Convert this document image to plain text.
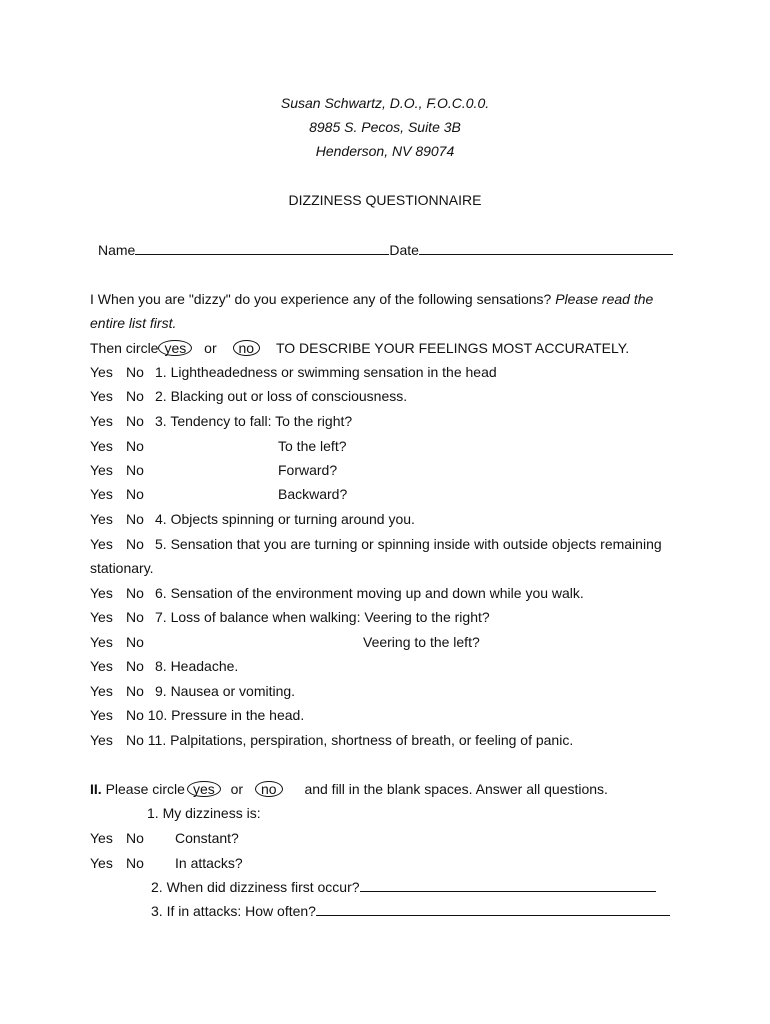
Susan Schwartz, D.O., F.O.C.0.0.
8985 S. Pecos, Suite 3B
Henderson, NV 89074
DIZZINESS QUESTIONNAIRE
Name	Date
I When you are "dizzy" do you experience any of the following sensations? Please read the
entire list first.
Then circle yes or no TO DESCRIBE YOUR FEELINGS MOST ACCURATELY.
Yes No 1. Lightheadedness or swimming sensation in the head
Yes No 2. Blacking out or loss of consciousness.
Yes No 3. Tendency to fall: To the right?
Yes No	To the left?
Yes No	Forward?
Yes No	Backward?
Yes No 4. Objects spinning or turning around you.
Yes No 5. Sensation that you are turning or spinning inside with outside objects remaining
stationary.
Yes No 6. Sensation of the environment moving up and down while you walk.
Yes No 7. Loss of balance when walking: Veering to the right?
Yes No	Veering to the left?
Yes No 8. Headache.
Yes No 9. Nausea or vomiting.
Yes No 10. Pressure in the head.
Yes No 11. Palpitations, perspiration, shortness of breath, or feeling of panic.
II. Please circle yes or no and fill in the blank spaces. Answer all questions.
1. My dizziness is:
Yes No Constant?
Yes No In attacks?
2. When did dizziness first occur?
3. If in attacks: How often?
